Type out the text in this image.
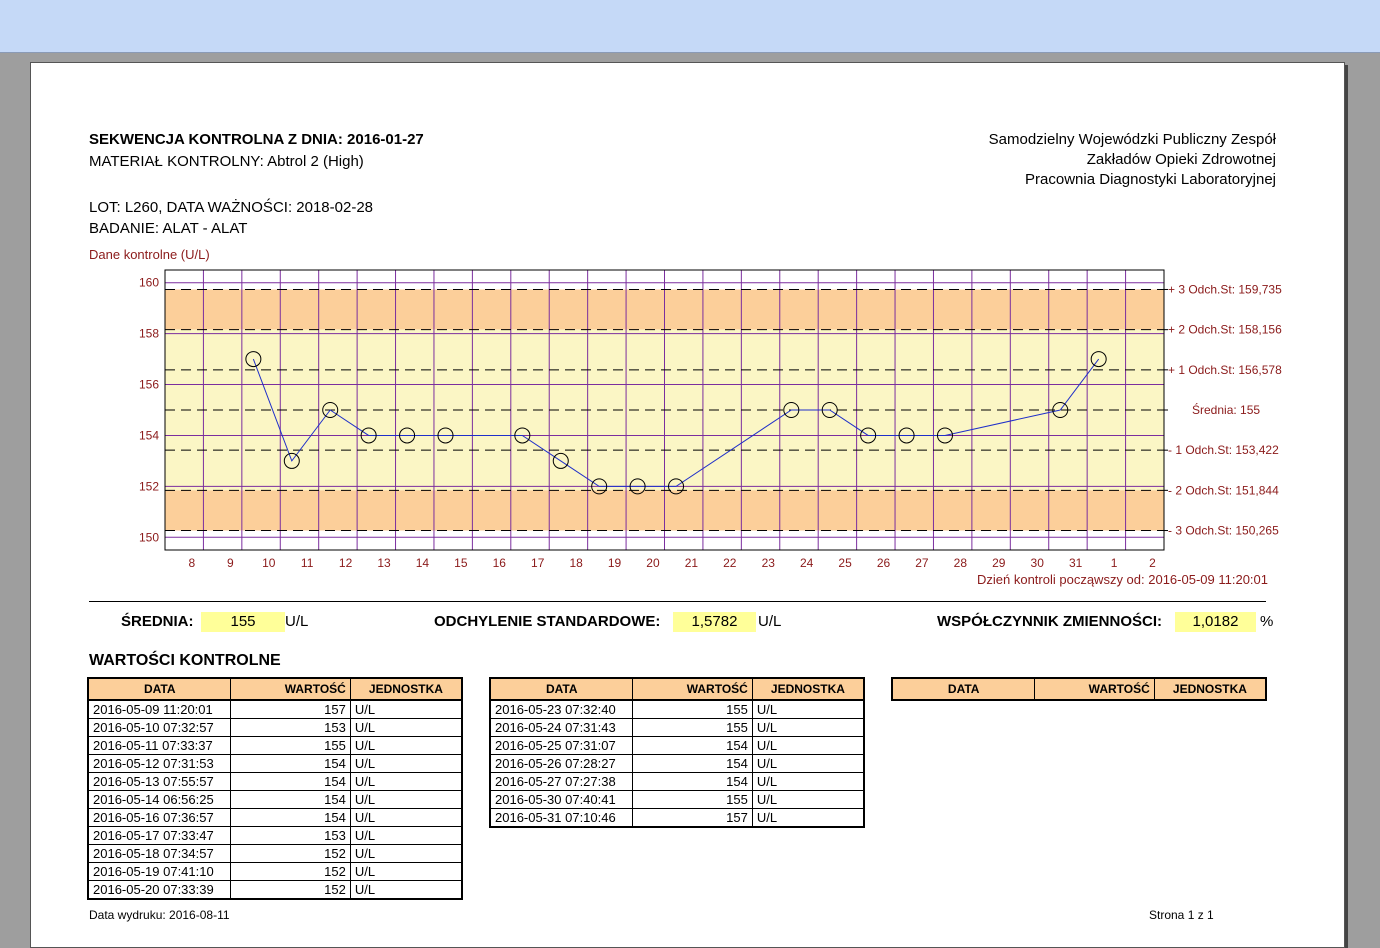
SEKWENCJA KONTROLNA Z DNIA: 2016-01-27
MATERIAŁ KONTROLNY: Abtrol 2 (High)
LOT: L260, DATA WAŻNOŚCI: 2018-02-28
BADANIE: ALAT - ALAT
Samodzielny Wojewódzki Publiczny Zespół
Zakładów Opieki Zdrowotnej
Pracownia Diagnostyki Laboratoryjnej
Dane kontrolne (U/L)
150
152
154
156
158
160
8	9 10 11 12 13 14 15 16 17 18 19 20 21 22 23 24 25 26 27 28 29 30 31 1	2
+ 3 Odch.St: 159,735
+ 2 Odch.St: 158,156
+ 1 Odch.St: 156,578
Średnia: 155
- 1 Odch.St: 153,422
- 2 Odch.St: 151,844
- 3 Odch.St: 150,265
Dzień kontroli począwszy od: 2016-05-09 11:20:01
ŚREDNIA:	155	U/L	ODCHYLENIE STANDARDOWE:	1,5782	U/L	WSPÓŁCZYNNIK ZMIENNOŚCI:	1,0182	%
WARTOŚCI KONTROLNE
DATA	WARTOŚĆ	JEDNOSTKA
2016-05-09 11:20:01	157	U/L
2016-05-10 07:32:57	153	U/L
2016-05-11 07:33:37	155	U/L
2016-05-12 07:31:53	154	U/L
2016-05-13 07:55:57	154	U/L
2016-05-14 06:56:25	154	U/L
2016-05-16 07:36:57	154	U/L
2016-05-17 07:33:47	153	U/L
2016-05-18 07:34:57	152	U/L
2016-05-19 07:41:10	152	U/L
2016-05-20 07:33:39	152	U/L
DATA	WARTOŚĆ	JEDNOSTKA
2016-05-23 07:32:40	155	U/L
2016-05-24 07:31:43	155	U/L
2016-05-25 07:31:07	154	U/L
2016-05-26 07:28:27	154	U/L
2016-05-27 07:27:38	154	U/L
2016-05-30 07:40:41	155	U/L
2016-05-31 07:10:46	157	U/L
DATA	WARTOŚĆ	JEDNOSTKA
Data wydruku: 2016-08-11	Strona 1 z 1
